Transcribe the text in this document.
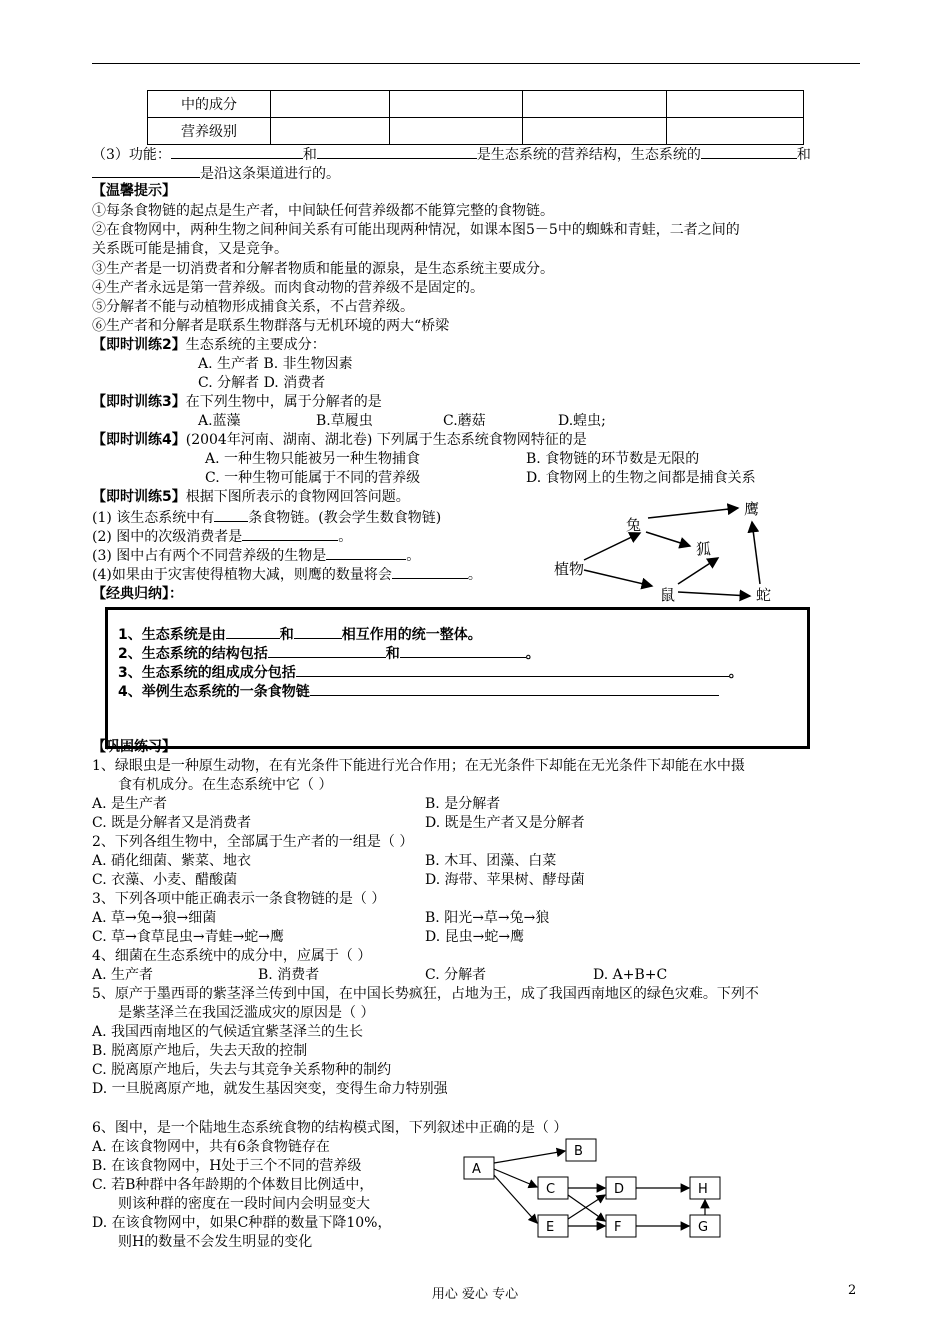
中的成分				
营养级别				
（3）功能：	和	是生态系统的营养结构，生态系统的	和
是沿这条渠道进行的。
【温馨提示】
①每条食物链的起点是生产者，中间缺任何营养级都不能算完整的食物链。
②在食物网中，两种生物之间种间关系有可能出现两种情况，如课本图5－5中的蜘蛛和青蛙，二者之间的
关系既可能是捕食，又是竞争。
③生产者是一切消费者和分解者物质和能量的源泉，是生态系统主要成分。
④生产者永远是第一营养级。而肉食动物的营养级不是固定的。
⑤分解者不能与动植物形成捕食关系，不占营养级。
⑥生产者和分解者是联系生物群落与无机环境的两大“桥梁
【即时训练2】生态系统的主要成分：
A. 生产者 B. 非生物因素
C. 分解者 D. 消费者
【即时训练3】在下列生物中，属于分解者的是
A.蓝藻	B.草履虫	C.蘑菇	D.蝗虫;
【即时训练4】(2004年河南、湖南、湖北卷) 下列属于生态系统食物网特征的是
A. 一种生物只能被另一种生物捕食	B. 食物链的环节数是无限的
C. 一种生物可能属于不同的营养级	D. 食物网上的生物之间都是捕食关系
【即时训练5】根据下图所表示的食物网回答问题。
(1) 该生态系统中有 条食物链。(教会学生数食物链)
(2) 图中的次级消费者是	。
(3) 图中占有两个不同营养级的生物是	。
(4)如果由于灾害使得植物大减，则鹰的数量将会	。	植物
兔
狐
鹰
鼠	蛇
【经典归纳】：
1、生态系统是由	和	相互作用的统一整体。
2、生态系统的结构包括	和	。
3、生态系统的组成成分包括	。
4、举例生态系统的一条食物链
【巩固练习】
1、绿眼虫是一种原生动物，在有光条件下能进行光合作用；在无光条件下却能在无光条件下却能在水中摄
食有机成分。在生态系统中它（ ）
A. 是生产者	B. 是分解者
C. 既是分解者又是消费者	D. 既是生产者又是分解者
2、下列各组生物中，全部属于生产者的一组是（ ）
A. 硝化细菌、紫菜、地衣	B. 木耳、团藻、白菜
C. 衣藻、小麦、醋酸菌	D. 海带、苹果树、酵母菌
3、下列各项中能正确表示一条食物链的是（ ）
A. 草→兔→狼→细菌	B. 阳光→草→兔→狼
C. 草→食草昆虫→青蛙→蛇→鹰	D. 昆虫→蛇→鹰
4、细菌在生态系统中的成分中，应属于（ ）
A. 生产者	B. 消费者	C. 分解者	D. A+B+C
5、原产于墨西哥的紫茎泽兰传到中国，在中国长势疯狂，占地为王，成了我国西南地区的绿色灾难。下列不
是紫茎泽兰在我国泛滥成灾的原因是（ ）
A. 我国西南地区的气候适宜紫茎泽兰的生长
B. 脱离原产地后，失去天敌的控制
C. 脱离原产地后，失去与其竞争关系物种的制约
D. 一旦脱离原产地，就发生基因突变，变得生命力特别强
6、图中，是一个陆地生态系统食物的结构模式图，下列叙述中正确的是（ ）
A. 在该食物网中，共有6条食物链存在
B. 在该食物网中，H处于三个不同的营养级
C. 若B种群中各年龄期的个体数目比例适中，
则该种群的密度在一段时间内会明显变大
D. 在该食物网中，如果C种群的数量下降10%，
则H的数量不会发生明显的变化
A
B
C	D
E	F
H
G
用心 爱心 专心	2
